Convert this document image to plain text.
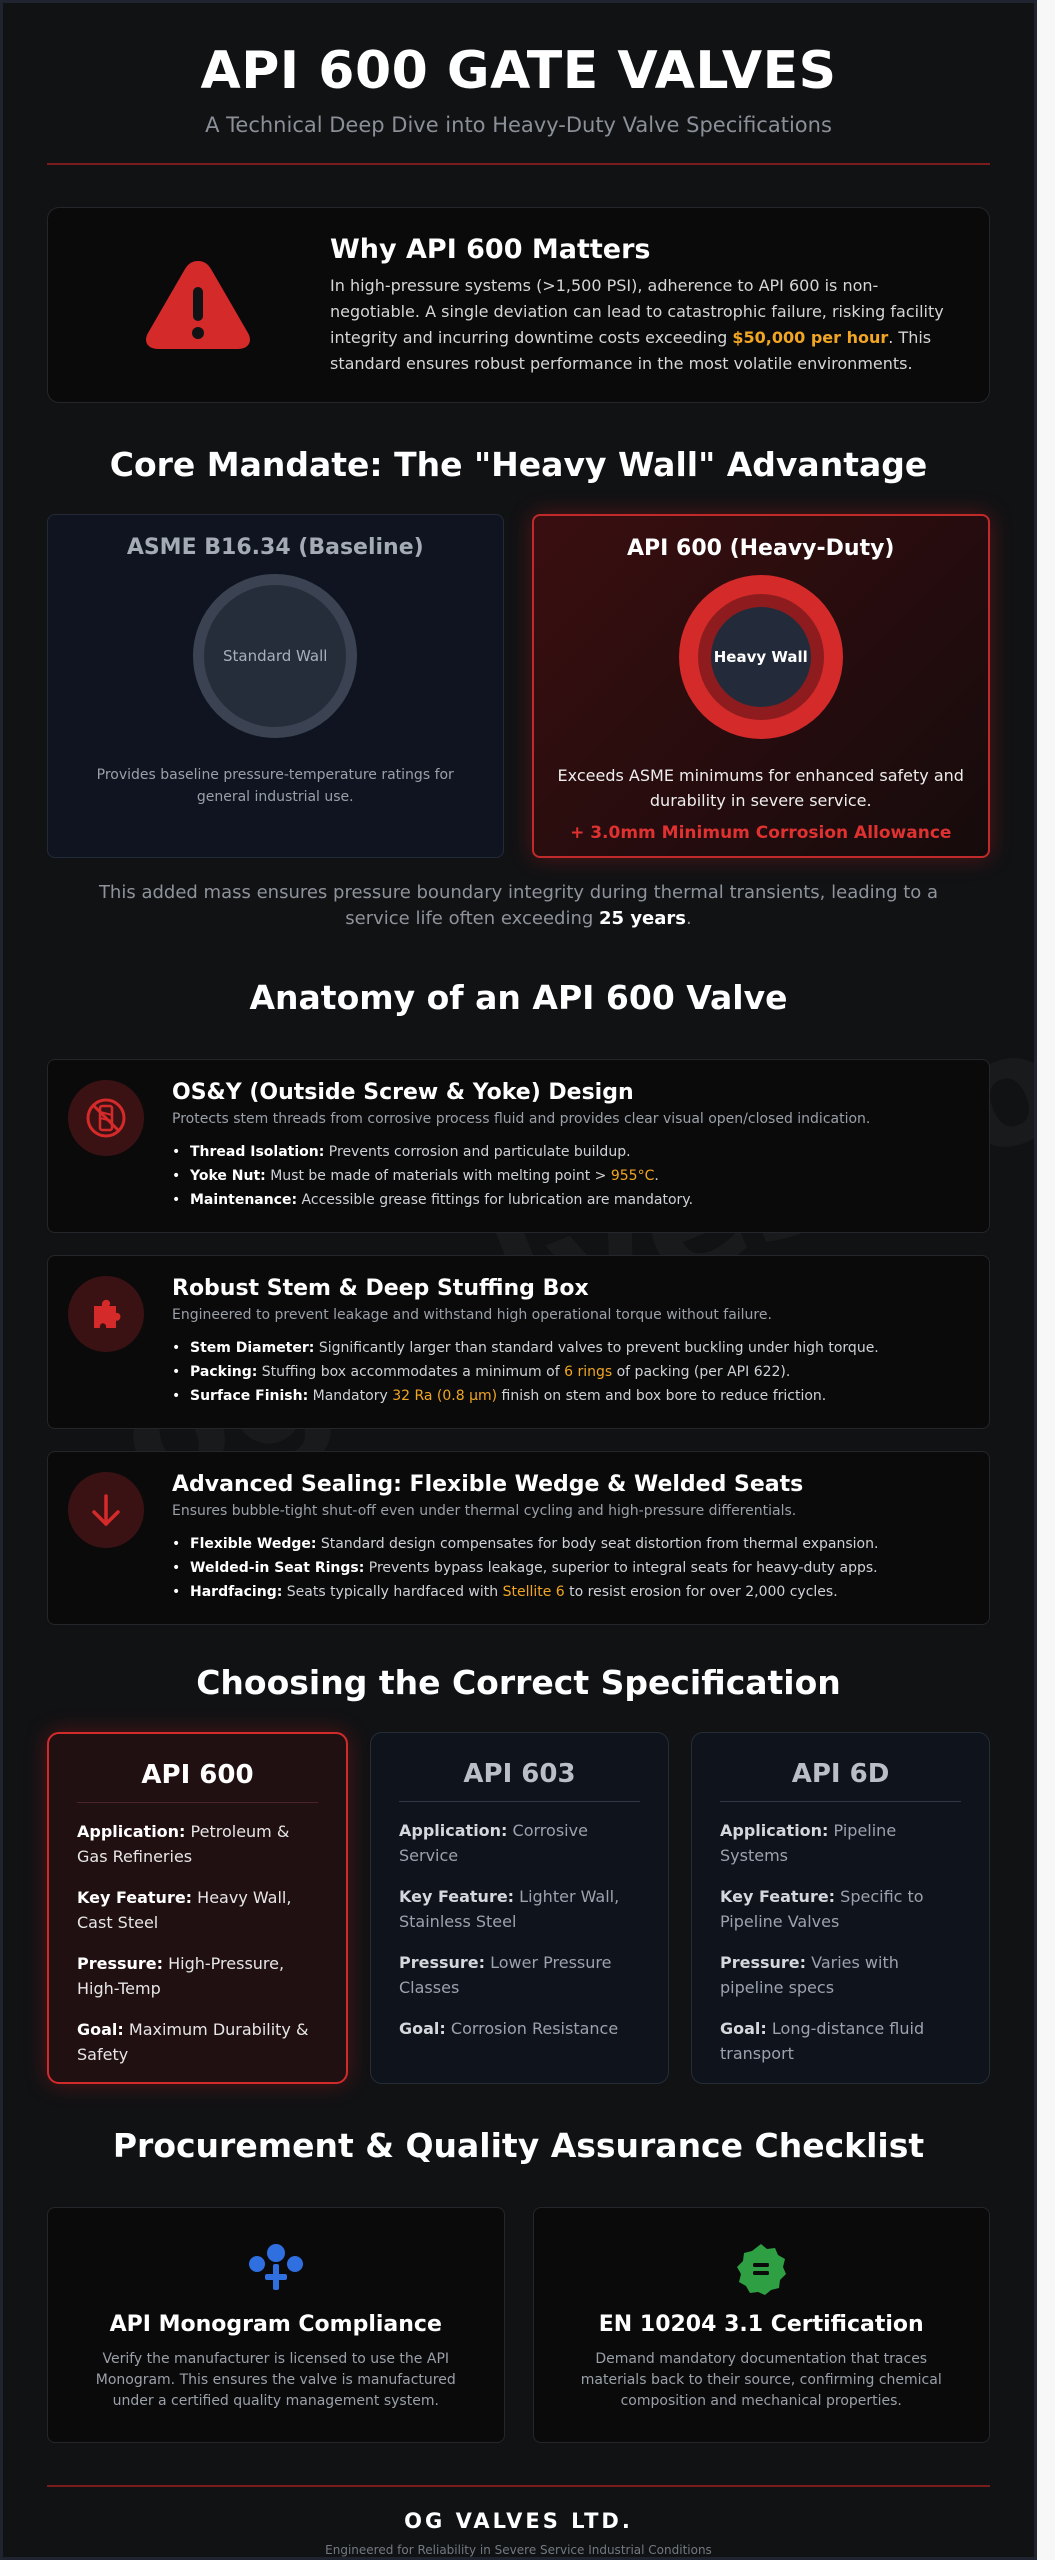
API 600 GATE VALVES
A Technical Deep Dive into Heavy-Duty Valve Specifications
Why API 600 Matters
In high-pressure systems (>1,500 PSI), adherence to API 600 is non-negotiable. A single deviation can lead to catastrophic failure, risking facility integrity and incurring downtime costs exceeding $50,000 per hour. This standard ensures robust performance in the most volatile environments.
Core Mandate: The "Heavy Wall" Advantage
ASME B16.34 (Baseline)
Standard Wall
Provides baseline pressure-temperature ratings for general industrial use.
API 600 (Heavy-Duty)
Heavy Wall
Exceeds ASME minimums for enhanced safety and durability in severe service.
+ 3.0mm Minimum Corrosion Allowance
This added mass ensures pressure boundary integrity during thermal transients, leading to a service life often exceeding 25 years.
Anatomy of an API 600 Valve
OS&Y (Outside Screw & Yoke) Design
Protects stem threads from corrosive process fluid and provides clear visual open/closed indication.
• Thread Isolation: Prevents corrosion and particulate buildup.
• Yoke Nut: Must be made of materials with melting point > 955°C.
• Maintenance: Accessible grease fittings for lubrication are mandatory.
Robust Stem & Deep Stuffing Box
Engineered to prevent leakage and withstand high operational torque without failure.
• Stem Diameter: Significantly larger than standard valves to prevent buckling under high torque.
• Packing: Stuffing box accommodates a minimum of 6 rings of packing (per API 622).
• Surface Finish: Mandatory 32 Ra (0.8 µm) finish on stem and box bore to reduce friction.
Advanced Sealing: Flexible Wedge & Welded Seats
Ensures bubble-tight shut-off even under thermal cycling and high-pressure differentials.
• Flexible Wedge: Standard design compensates for body seat distortion from thermal expansion.
• Welded-in Seat Rings: Prevents bypass leakage, superior to integral seats for heavy-duty apps.
• Hardfacing: Seats typically hardfaced with Stellite 6 to resist erosion for over 2,000 cycles.
Choosing the Correct Specification
API 600
Application: Petroleum & Gas Refineries
Key Feature: Heavy Wall, Cast Steel
Pressure: High-Pressure, High-Temp
Goal: Maximum Durability & Safety
API 603
Application: Corrosive Service
Key Feature: Lighter Wall, Stainless Steel
Pressure: Lower Pressure Classes
Goal: Corrosion Resistance
API 6D
Application: Pipeline Systems
Key Feature: Specific to Pipeline Valves
Pressure: Varies with pipeline specs
Goal: Long-distance fluid transport
Procurement & Quality Assurance Checklist
API Monogram Compliance
Verify the manufacturer is licensed to use the API Monogram. This ensures the valve is manufactured under a certified quality management system.
EN 10204 3.1 Certification
Demand mandatory documentation that traces materials back to their source, confirming chemical composition and mechanical properties.
OG VALVES LTD.
Engineered for Reliability in Severe Service Industrial Conditions
